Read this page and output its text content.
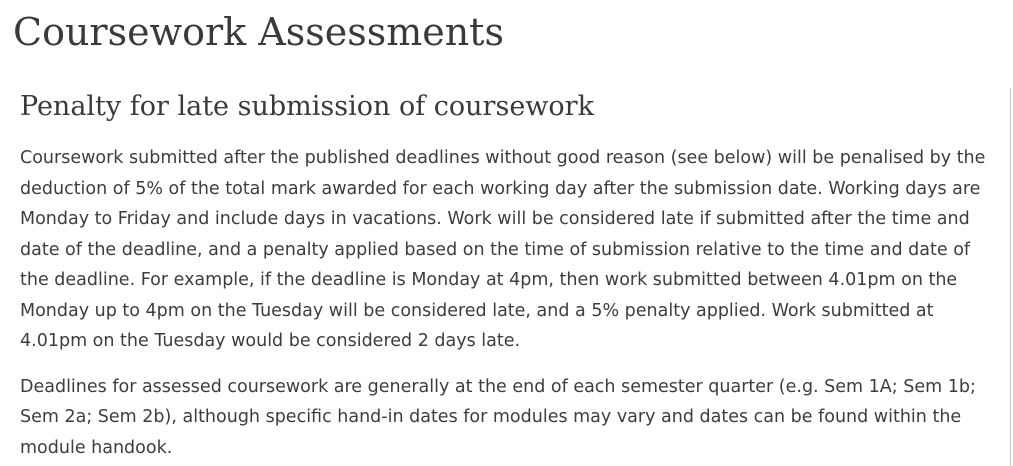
Coursework Assessments
Penalty for late submission of coursework

Coursework submitted after the published deadlines without good reason (see below) will be penalised by the deduction of 5% of the total mark awarded for each working day after the submission date. Working days are Monday to Friday and include days in vacations. Work will be considered late if submitted after the time and date of the deadline, and a penalty applied based on the time of submission relative to the time and date of the deadline. For example, if the deadline is Monday at 4pm, then work submitted between 4.01pm on the Monday up to 4pm on the Tuesday will be considered late, and a 5% penalty applied. Work submitted at 4.01pm on the Tuesday would be considered 2 days late.

Deadlines for assessed coursework are generally at the end of each semester quarter (e.g. Sem 1A; Sem 1b; Sem 2a; Sem 2b), although specific hand-in dates for modules may vary and dates can be found within the module handook.
